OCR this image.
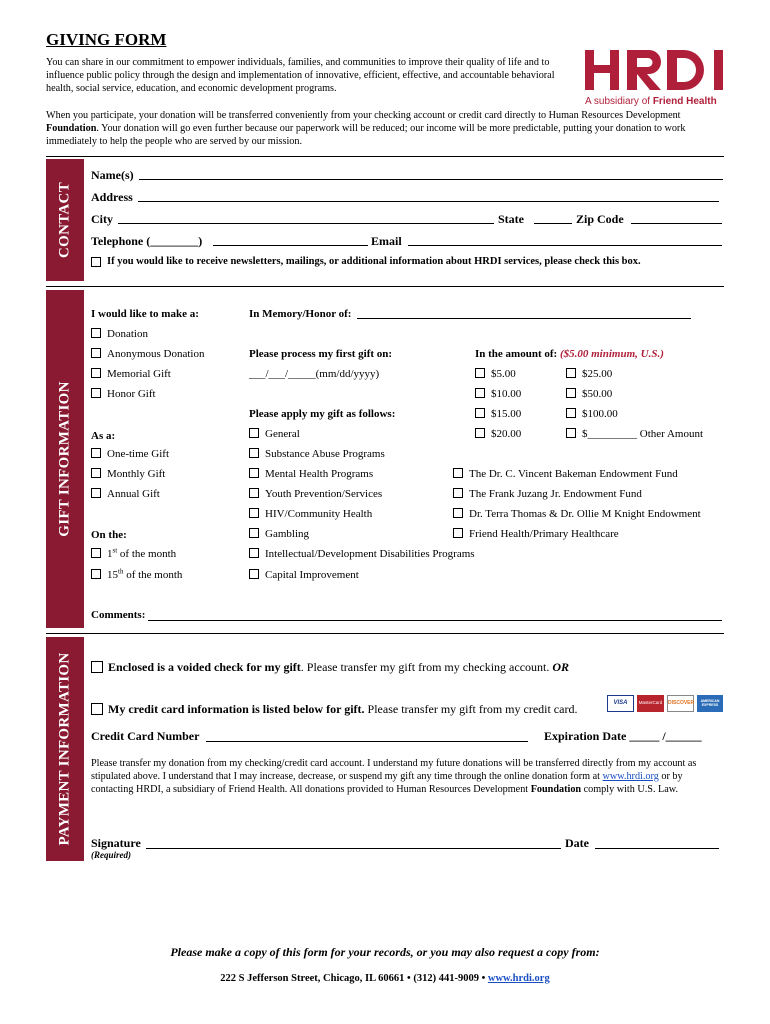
GIVING FORM
You can share in our commitment to empower individuals, families, and communities to improve their quality of life and to influence public policy through the design and implementation of innovative, efficient, effective, and accountable behavioral health, social service, education, and economic development programs.
When you participate, your donation will be transferred conveniently from your checking account or credit card directly to Human Resources Development Foundation. Your donation will go even further because our paperwork will be reduced; our income will be more predictable, putting your donation to work immediately to help the people who are served by our mission.
A subsidiary of Friend Health
CONTACT
GIFT INFORMATION
PAYMENT INFORMATION
Name(s)
Address
City	State	Zip Code
Telephone (________)	Email
If you would like to receive newsletters, mailings, or additional information about HRDI services, please check this box.
I would like to make a:	In Memory/Honor of:
Donation
Anonymous Donation
Memorial Gift
Honor Gift
Please process my first gift on:
___/___/_____(mm/dd/yyyy)
In the amount of: ($5.00 minimum, U.S.)
$5.00
$10.00
$15.00
$20.00
$25.00
$50.00
$100.00
$_________ Other Amount
Please apply my gift as follows:
As a:
One-time Gift
Monthly Gift
Annual Gift
On the:
1st of the month
15th of the month
General
Substance Abuse Programs
Mental Health Programs
Youth Prevention/Services
HIV/Community Health
Gambling
Intellectual/Development Disabilities Programs
Capital Improvement
The Dr. C. Vincent Bakeman Endowment Fund
The Frank Juzang Jr. Endowment Fund
Dr. Terra Thomas & Dr. Ollie M Knight Endowment
Friend Health/Primary Healthcare
Comments:
Enclosed is a voided check for my gift. Please transfer my gift from my checking account. OR
My credit card information is listed below for gift. Please transfer my gift from my credit card.	VISA	MasterCard	DISCOVER	AMERICAN EXPRESS
Credit Card Number	Expiration Date _____ /______
Please transfer my donation from my checking/credit card account. I understand my future donations will be transferred directly from my account as stipulated above. I understand that I may increase, decrease, or suspend my gift any time through the online donation form at www.hrdi.org or by contacting HRDI, a subsidiary of Friend Health. All donations provided to Human Resources Development Foundation comply with U.S. Law.
Signature	Date
(Required)
Please make a copy of this form for your records, or you may also request a copy from:
222 S Jefferson Street, Chicago, IL 60661 • (312) 441-9009 • www.hrdi.org
